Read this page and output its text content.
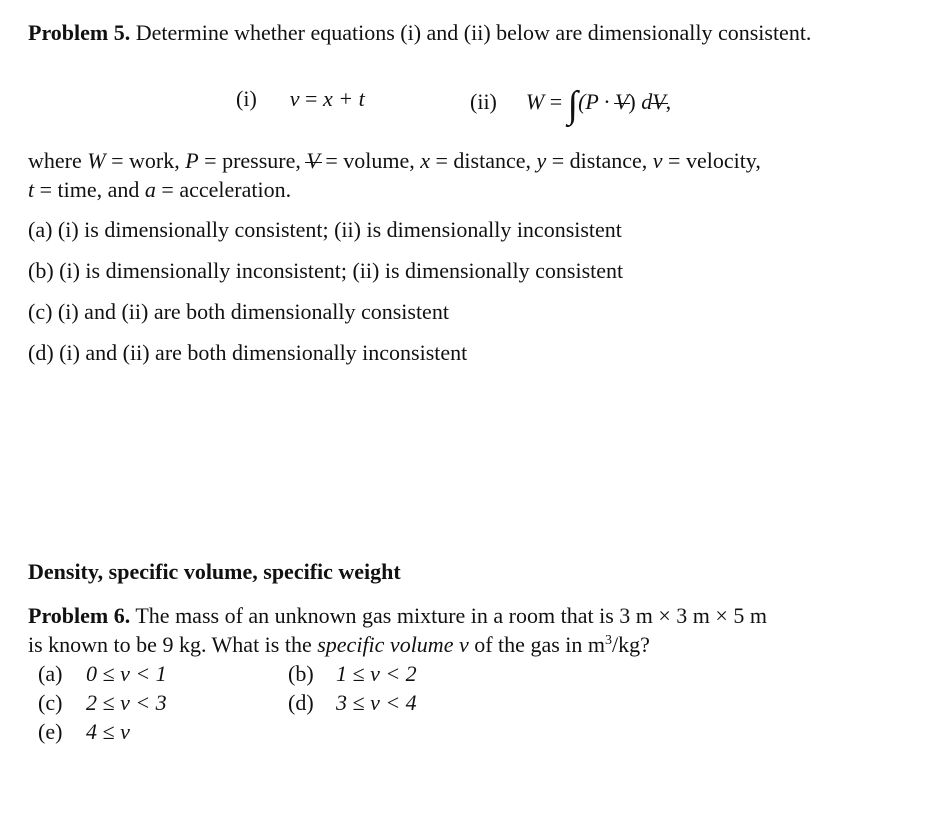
Problem 5. Determine whether equations (i) and (ii) below are dimensionally consistent.
(i) v = x + t	(ii) W = ∫(P · V) dV,
where W = work, P = pressure, V = volume, x = distance, y = distance, v = velocity,
t = time, and a = acceleration.
(a) (i) is dimensionally consistent; (ii) is dimensionally inconsistent
(b) (i) is dimensionally inconsistent; (ii) is dimensionally consistent
(c) (i) and (ii) are both dimensionally consistent
(d) (i) and (ii) are both dimensionally inconsistent
Density, specific volume, specific weight
Problem 6. The mass of an unknown gas mixture in a room that is 3 m × 3 m × 5 m
is known to be 9 kg. What is the specific volume v of the gas in $m^3/kg$?
(a) 0 ≤ v < 1	(b) 1 ≤ v < 2
(c) 2 ≤ v < 3	(d) 3 ≤ v < 4
(e) 4 ≤ v
